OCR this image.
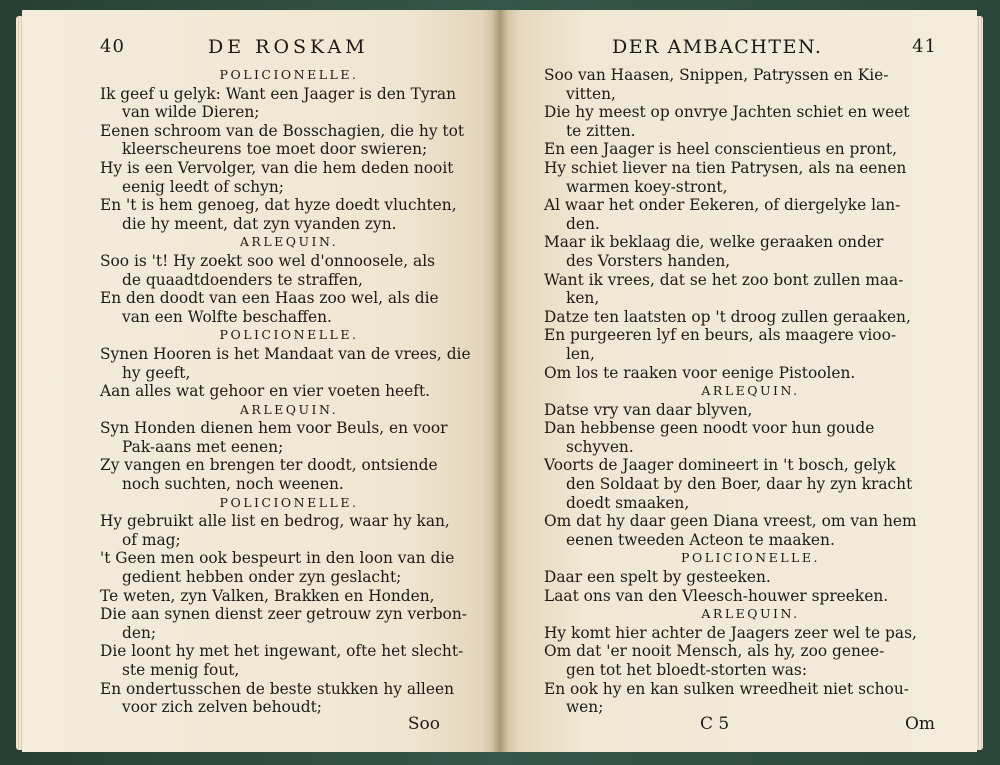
40	DE ROSKAM
POLICIONELLE.
Ik geef u gelyk: Want een Jaager is den Tyran
van wilde Dieren;
Eenen schroom van de Bosschagien, die hy tot
kleerscheurens toe moet door swieren;
Hy is een Vervolger, van die hem deden nooit
eenig leedt of schyn;
En 't is hem genoeg, dat hyze doedt vluchten,
die hy meent, dat zyn vyanden zyn.
ARLEQUIN.
Soo is 't! Hy zoekt soo wel d'onnoosele, als
de quaadtdoenders te straffen,
En den doodt van een Haas zoo wel, als die
van een Wolfte beschaffen.
POLICIONELLE.
Synen Hooren is het Mandaat van de vrees, die
hy geeft,
Aan alles wat gehoor en vier voeten heeft.
ARLEQUIN.
Syn Honden dienen hem voor Beuls, en voor
Pak-aans met eenen;
Zy vangen en brengen ter doodt, ontsiende
noch suchten, noch weenen.
POLICIONELLE.
Hy gebruikt alle list en bedrog, waar hy kan,
of mag;
't Geen men ook bespeurt in den loon van die
gedient hebben onder zyn geslacht;
Te weten, zyn Valken, Brakken en Honden,
Die aan synen dienst zeer getrouw zyn verbon-
den;
Die loont hy met het ingewant, ofte het slecht-
ste menig fout,
En ondertusschen de beste stukken hy alleen
voor zich zelven behoudt;
Soo
DER AMBACHTEN.	41
Soo van Haasen, Snippen, Patryssen en Kie-
vitten,
Die hy meest op onvrye Jachten schiet en weet
te zitten.
En een Jaager is heel conscientieus en pront,
Hy schiet liever na tien Patrysen, als na eenen
warmen koey-stront,
Al waar het onder Eekeren, of diergelyke lan-
den.
Maar ik beklaag die, welke geraaken onder
des Vorsters handen,
Want ik vrees, dat se het zoo bont zullen maa-
ken,
Datze ten laatsten op 't droog zullen geraaken,
En purgeeren lyf en beurs, als maagere vioo-
len,
Om los te raaken voor eenige Pistoolen.
ARLEQUIN.
Datse vry van daar blyven,
Dan hebbense geen noodt voor hun goude
schyven.
Voorts de Jaager domineert in 't bosch, gelyk
den Soldaat by den Boer, daar hy zyn kracht
doedt smaaken,
Om dat hy daar geen Diana vreest, om van hem
eenen tweeden Acteon te maaken.
POLICIONELLE.
Daar een spelt by gesteeken.
Laat ons van den Vleesch-houwer spreeken.
ARLEQUIN.
Hy komt hier achter de Jaagers zeer wel te pas,
Om dat 'er nooit Mensch, als hy, zoo genee-
gen tot het bloedt-storten was:
En ook hy en kan sulken wreedheit niet schou-
wen;
C 5	Om
